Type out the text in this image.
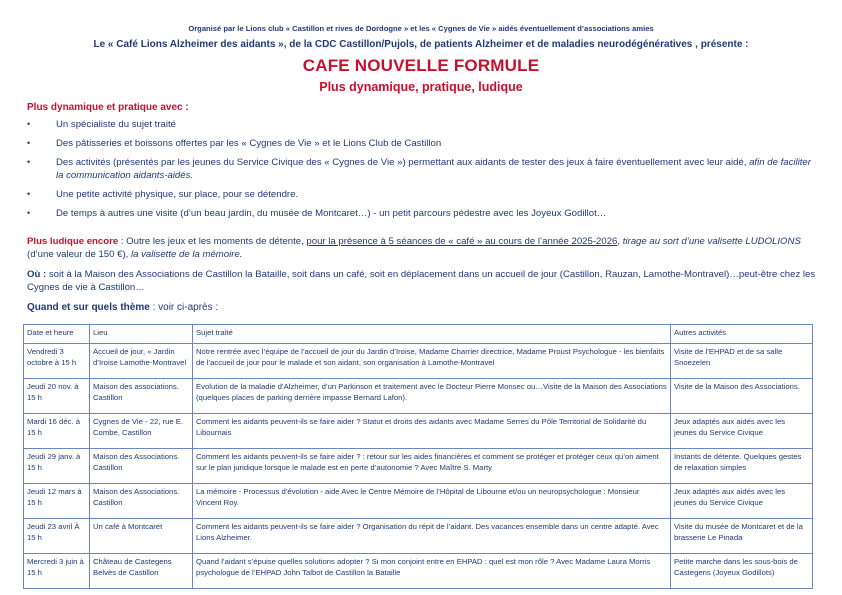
Organisé par le Lions club « Castillon et rives de Dordogne » et les « Cygnes de Vie » aidés éventuellement d’associations amies
Le « Café Lions Alzheimer des aidants », de la CDC Castillon/Pujols, de patients Alzheimer et de maladies neurodégénératives , présente :
CAFE NOUVELLE FORMULE
Plus dynamique, pratique, ludique
Plus dynamique et pratique avec :
•	Un spécialiste du sujet traité
•	Des pâtisseries et boissons offertes par les « Cygnes de Vie » et le Lions Club de Castillon
•	Des activités (présentés par les jeunes du Service Civique des « Cygnes de Vie ») permettant aux aidants de tester des jeux à faire éventuellement avec leur aidé, afin de faciliter la communication aidants-aidés.
•	Une petite activité physique, sur place, pour se détendre.
•	De temps à autres une visite (d’un beau jardin, du musée de Montcaret…) - un petit parcours pédestre avec les Joyeux Godillot…
Plus ludique encore : Outre les jeux et les moments de détente, pour la présence à 5 séances de « café » au cours de l’année 2025-2026, tirage au sort d’une valisette LUDOLIONS (d’une valeur de 150 €), la valisette de la mémoire.
Où : soit à la Maison des Associations de Castillon la Bataille, soit dans un café, soit en déplacement dans un accueil de jour (Castillon, Rauzan, Lamothe-Montravel)…peut-être chez les Cygnes de vie à Castillon…
Quand et sur quels thème : voir ci-après :
Date et heure	Lieu	Sujet traité	Autres activités
Vendredi 3 octobre à 15 h	Accueil de jour, « Jardin d’Iroise Lamothe-Montravel	Notre rentrée avec l’équipe de l’accueil de jour du Jardin d’Iroise, Madame Charrier directrice, Madame Proust Psychologue - les bienfaits de l’accueil de jour pour le malade et son aidant, son organisation à Lamothe-Montravel	Visite de l’EHPAD et de sa salle Snoezelen
Jeudi 20 nov. à 15 h	Maison des associations. Castillon	Evolution de la maladie d’Alzheimer, d’un Parkinson et traitement avec le Docteur Pierre Monsec ou…Visite de la Maison des Associations (quelques places de parking derrière impasse Bernard Lafon).	Visite de la Maison des Associations.
Mardi 16 déc. à 15 h	Cygnes de Vie - 22, rue E. Combe, Castillon	Comment les aidants peuvent-ils se faire aider ? Statut et droits des aidants avec Madame Serres du Pôle Territorial de Solidarité du Libournais	Jeux adaptés aux aidés avec les jeunes du Service Civique
Jeudi 29 janv. à 15 h	Maison des Associations. Castillon	Comment les aidants peuvent-ils se faire aider ? : retour sur les aides financières et comment se protéger et protéger ceux qu’on aiment sur le plan juridique lorsque le malade est en perte d’autonomie ? Avec Maître S. Marty	Instants de détente. Quelques gestes de relaxation simples
Jeudi 12 mars à 15 h	Maison des Associations. Castillon	La mémoire - Processus d’évolution - aide Avec le Centre Mémoire de l’Hôpital de Libourne et/ou un neuropsychologue : Monsieur Vincent Roy.	Jeux adaptés aux aidés avec les jeunes du Service Civique
Jeudi 23 avril À 15 h	Un café à Montcaret	Comment les aidants peuvent-ils se faire aider ? Organisation du répit de l’aidant. Des vacances ensemble dans un centre adapté. Avec Lions Alzheimer.	Visite du musée de Montcaret et de la brasserie Le Pinada
Mercredi 3 juin à 15 h	Château de Castegens Belvès de Castillon	Quand l’aidant s’épuise quelles solutions adopter ? Si mon conjoint entre en EHPAD : quel est mon rôle ? Avec Madame Laura Morris psychologue de l’EHPAD John Talbot de Castillon la Bataille	Petite marche dans les sous-bois de Castegens (Joyeux Godillots)
